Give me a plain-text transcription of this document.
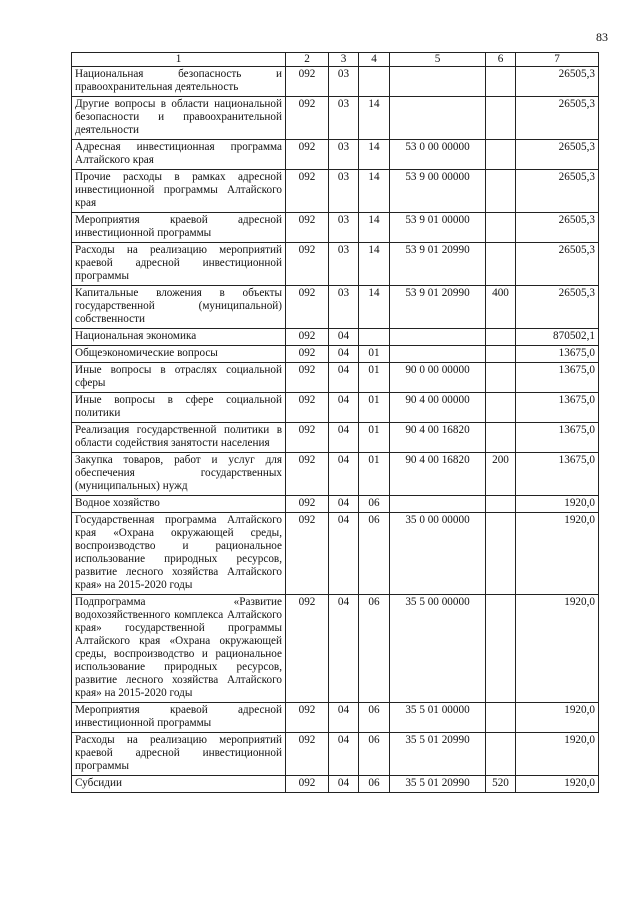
83
1	2	3	4	5	6	7
Национальная безопасность и правоохранительная деятельность	092	03				26505,3
Другие вопросы в области национальной безопасности и правоохранительной деятельности	092	03	14			26505,3
Адресная инвестиционная программа Алтайского края	092	03	14	53 0 00 00000		26505,3
Прочие расходы в рамках адресной инвестиционной программы Алтайского края	092	03	14	53 9 00 00000		26505,3
Мероприятия краевой адресной инвестиционной программы	092	03	14	53 9 01 00000		26505,3
Расходы на реализацию мероприятий краевой адресной инвестиционной программы	092	03	14	53 9 01 20990		26505,3
Капитальные вложения в объекты государственной (муниципальной) собственности	092	03	14	53 9 01 20990	400	26505,3
Национальная экономика	092	04				870502,1
Общеэкономические вопросы	092	04	01			13675,0
Иные вопросы в отраслях социальной сферы	092	04	01	90 0 00 00000		13675,0
Иные вопросы в сфере социальной политики	092	04	01	90 4 00 00000		13675,0
Реализация государственной политики в области содействия занятости населения	092	04	01	90 4 00 16820		13675,0
Закупка товаров, работ и услуг для обеспечения государственных (муниципальных) нужд	092	04	01	90 4 00 16820	200	13675,0
Водное хозяйство	092	04	06			1920,0
Государственная программа Алтайского края «Охрана окружающей среды, воспроизводство и рациональное использование природных ресурсов, развитие лесного хозяйства Алтайского края» на 2015-2020 годы	092	04	06	35 0 00 00000		1920,0
Подпрограмма «Развитие водохозяйственного комплекса Алтайского края» государственной программы Алтайского края «Охрана окружающей среды, воспроизводство и рациональное использование природных ресурсов, развитие лесного хозяйства Алтайского края» на 2015-2020 годы	092	04	06	35 5 00 00000		1920,0
Мероприятия краевой адресной инвестиционной программы	092	04	06	35 5 01 00000		1920,0
Расходы на реализацию мероприятий краевой адресной инвестиционной программы	092	04	06	35 5 01 20990		1920,0
Субсидии	092	04	06	35 5 01 20990	520	1920,0
